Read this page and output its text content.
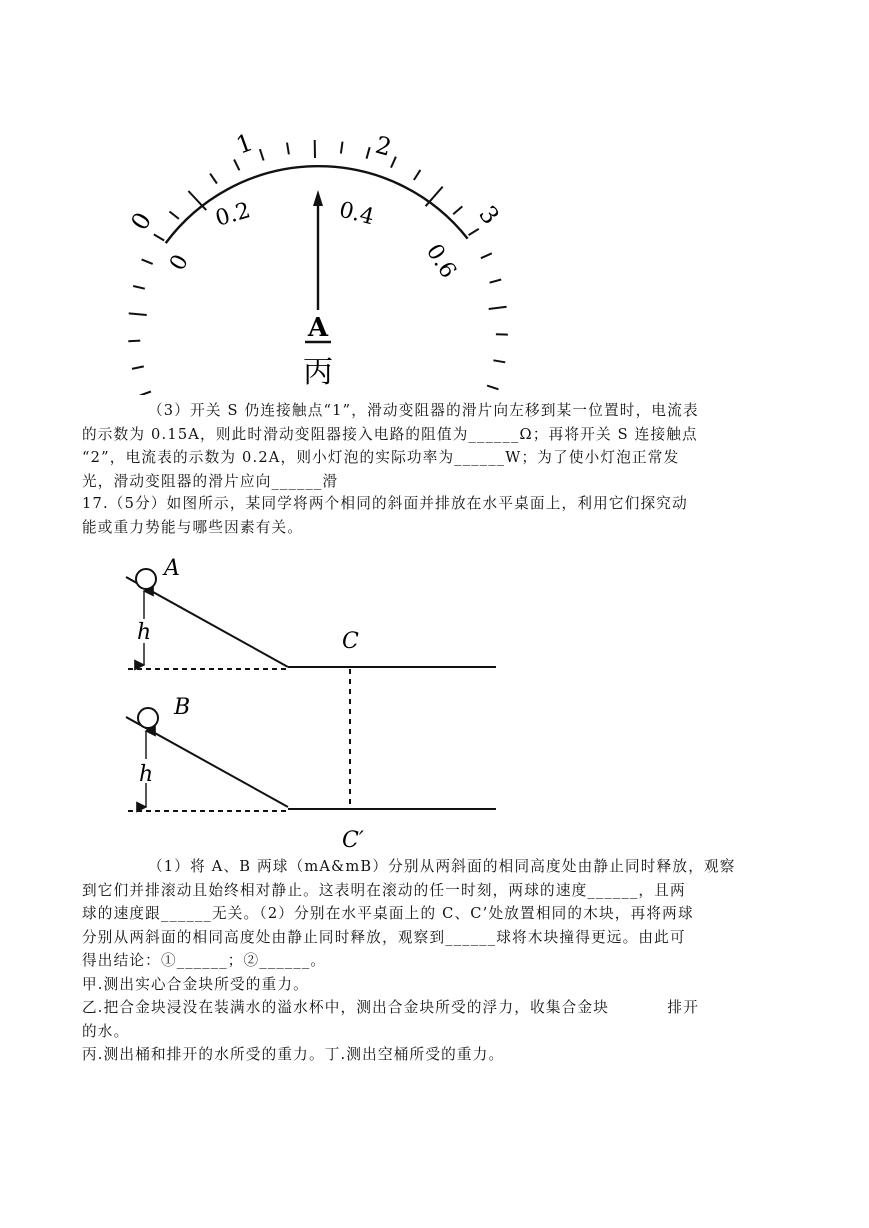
0
1	2
3
0
0.2	0.4
0.6
A
丙
（3）开关 S 仍连接触点“1”，滑动变阻器的滑片向左移到某一位置时，电流表
的示数为 0.15A，则此时滑动变阻器接入电路的阻值为______Ω；再将开关 S 连接触点
“2”，电流表的示数为 0.2A，则小灯泡的实际功率为______W；为了使小灯泡正常发
光，滑动变阻器的滑片应向______滑
17.（5分）如图所示，某同学将两个相同的斜面并排放在水平桌面上，利用它们探究动
能或重力势能与哪些因素有关。
A
h	C
B
h
C′
（1）将 A、B 两球（mA&mB）分别从两斜面的相同高度处由静止同时释放，观察
到它们并排滚动且始终相对静止。这表明在滚动的任一时刻，两球的速度______，且两
球的速度跟______无关。（2）分别在水平桌面上的 C、C’处放置相同的木块，再将两球
分别从两斜面的相同高度处由静止同时释放，观察到______球将木块撞得更远。由此可
得出结论：①______；②______。
甲.测出实心合金块所受的重力。
乙.把合金块浸没在装满水的溢水杯中，测出合金块所受的浮力，收集合金块          排开
的水。
丙.测出桶和排开的水所受的重力。丁.测出空桶所受的重力。
